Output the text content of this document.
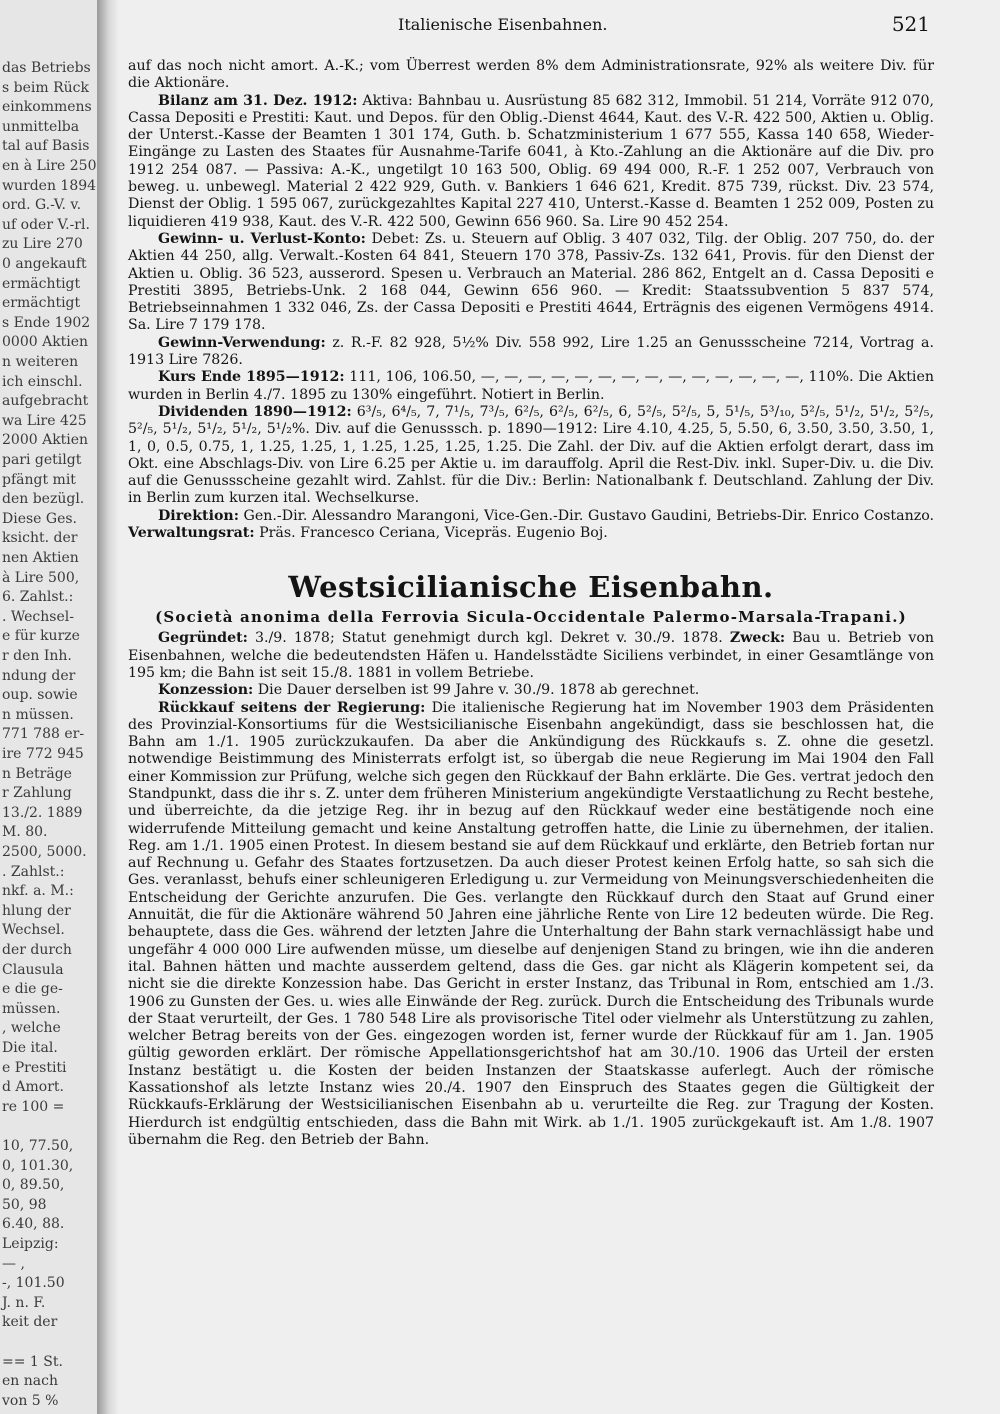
das Betriebs
s beim Rück
einkommens
unmittelba
tal auf Basis
en à Lire 250
wurden 1894
ord. G.-V. v.
uf oder V.-rl.
zu Lire 270
0 angekauft
ermächtigt
ermächtigt
s Ende 1902
0000 Aktien
n weiteren
ich einschl.
aufgebracht
wa Lire 425
2000 Aktien
pari getilgt
pfängt mit
den bezügl.
Diese Ges.
ksicht. der
nen Aktien
à Lire 500,
6. Zahlst.:
. Wechsel-
e für kurze
r den Inh.
ndung der
oup. sowie
n müssen.
771 788 er-
ire 772 945
n Beträge
r Zahlung
13./2. 1889
M. 80.
2500, 5000.
. Zahlst.:
nkf. a. M.:
hlung der
Wechsel.
der durch
Clausula
e die ge-
müssen.
, welche
Die ital.
e Prestiti
d Amort.
re 100 =
10, 77.50,
0, 101.30,
0, 89.50,
50, 98
6.40, 88.
Leipzig:
— ,
-, 101.50
J. n. F.
keit der
== 1 St.
en nach
von 5 %
Italienische Eisenbahnen.	521

auf das noch nicht amort. A.-K.; vom Überrest werden 8% dem Administrationsrate, 92% als weitere Div. für die Aktionäre.

Bilanz am 31. Dez. 1912: Aktiva: Bahnbau u. Ausrüstung 85 682 312, Immobil. 51 214, Vorräte 912 070, Cassa Depositi e Prestiti: Kaut. und Depos. für den Oblig.-Dienst 4644, Kaut. des V.-R. 422 500, Aktien u. Oblig. der Unterst.-Kasse der Beamten 1 301 174, Guth. b. Schatzministerium 1 677 555, Kassa 140 658, Wieder-Eingänge zu Lasten des Staates für Ausnahme-Tarife 6041, à Kto.-Zahlung an die Aktionäre auf die Div. pro 1912 254 087. — Passiva: A.-K., ungetilgt 10 163 500, Oblig. 69 494 000, R.-F. 1 252 007, Verbrauch von beweg. u. unbewegl. Material 2 422 929, Guth. v. Bankiers 1 646 621, Kredit. 875 739, rückst. Div. 23 574, Dienst der Oblig. 1 595 067, zurückgezahltes Kapital 227 410, Unterst.-Kasse d. Beamten 1 252 009, Posten zu liquidieren 419 938, Kaut. des V.-R. 422 500, Gewinn 656 960. Sa. Lire 90 452 254.

Gewinn- u. Verlust-Konto: Debet: Zs. u. Steuern auf Oblig. 3 407 032, Tilg. der Oblig. 207 750, do. der Aktien 44 250, allg. Verwalt.-Kosten 64 841, Steuern 170 378, Passiv-Zs. 132 641, Provis. für den Dienst der Aktien u. Oblig. 36 523, ausserord. Spesen u. Verbrauch an Material. 286 862, Entgelt an d. Cassa Depositi e Prestiti 3895, Betriebs-Unk. 2 168 044, Gewinn 656 960. — Kredit: Staatssubvention 5 837 574, Betriebseinnahmen 1 332 046, Zs. der Cassa Depositi e Prestiti 4644, Erträgnis des eigenen Vermögens 4914. Sa. Lire 7 179 178.

Gewinn-Verwendung: z. R.-F. 82 928, 5½% Div. 558 992, Lire 1.25 an Genussscheine 7214, Vortrag a. 1913 Lire 7826.

Kurs Ende 1895—1912: 111, 106, 106.50, —, —, —, —, —, —, —, —, —, —, —, —, —, —, 110%. Die Aktien wurden in Berlin 4./7. 1895 zu 130% eingeführt. Notiert in Berlin.

Dividenden 1890—1912: 6³/₅, 6⁴/₅, 7, 7¹/₅, 7³/₅, 6²/₅, 6²/₅, 6²/₅, 6, 5²/₅, 5²/₅, 5, 5¹/₅, 5³/₁₀, 5²/₅, 5¹/₂, 5¹/₂, 5²/₅, 5²/₅, 5¹/₂, 5¹/₂, 5¹/₂, 5¹/₂%. Div. auf die Genusssch. p. 1890—1912: Lire 4.10, 4.25, 5, 5.50, 6, 3.50, 3.50, 3.50, 1, 1, 0, 0.5, 0.75, 1, 1.25, 1.25, 1, 1.25, 1.25, 1.25, 1.25. Die Zahl. der Div. auf die Aktien erfolgt derart, dass im Okt. eine Abschlags-Div. von Lire 6.25 per Aktie u. im darauffolg. April die Rest-Div. inkl. Super-Div. u. die Div. auf die Genussscheine gezahlt wird. Zahlst. für die Div.: Berlin: Nationalbank f. Deutschland. Zahlung der Div. in Berlin zum kurzen ital. Wechselkurse.

Direktion: Gen.-Dir. Alessandro Marangoni, Vice-Gen.-Dir. Gustavo Gaudini, Betriebs-Dir. Enrico Costanzo. Verwaltungsrat: Präs. Francesco Ceriana, Vicepräs. Eugenio Boj.

Westsicilianische Eisenbahn.

(Società anonima della Ferrovia Sicula-Occidentale Palermo-Marsala-Trapani.)

Gegründet: 3./9. 1878; Statut genehmigt durch kgl. Dekret v. 30./9. 1878. Zweck: Bau u. Betrieb von Eisenbahnen, welche die bedeutendsten Häfen u. Handelsstädte Siciliens verbindet, in einer Gesamtlänge von 195 km; die Bahn ist seit 15./8. 1881 in vollem Betriebe.

Konzession: Die Dauer derselben ist 99 Jahre v. 30./9. 1878 ab gerechnet.

Rückkauf seitens der Regierung: Die italienische Regierung hat im November 1903 dem Präsidenten des Provinzial-Konsortiums für die Westsicilianische Eisenbahn angekündigt, dass sie beschlossen hat, die Bahn am 1./1. 1905 zurückzukaufen. Da aber die Ankündigung des Rückkaufs s. Z. ohne die gesetzl. notwendige Beistimmung des Ministerrats erfolgt ist, so übergab die neue Regierung im Mai 1904 den Fall einer Kommission zur Prüfung, welche sich gegen den Rückkauf der Bahn erklärte. Die Ges. vertrat jedoch den Standpunkt, dass die ihr s. Z. unter dem früheren Ministerium angekündigte Verstaatlichung zu Recht bestehe, und überreichte, da die jetzige Reg. ihr in bezug auf den Rückkauf weder eine bestätigende noch eine widerrufende Mitteilung gemacht und keine Anstaltung getroffen hatte, die Linie zu übernehmen, der italien. Reg. am 1./1. 1905 einen Protest. In diesem bestand sie auf dem Rückkauf und erklärte, den Betrieb fortan nur auf Rechnung u. Gefahr des Staates fortzusetzen. Da auch dieser Protest keinen Erfolg hatte, so sah sich die Ges. veranlasst, behufs einer schleunigeren Erledigung u. zur Vermeidung von Meinungsverschiedenheiten die Entscheidung der Gerichte anzurufen. Die Ges. verlangte den Rückkauf durch den Staat auf Grund einer Annuität, die für die Aktionäre während 50 Jahren eine jährliche Rente von Lire 12 bedeuten würde. Die Reg. behauptete, dass die Ges. während der letzten Jahre die Unterhaltung der Bahn stark vernachlässigt habe und ungefähr 4 000 000 Lire aufwenden müsse, um dieselbe auf denjenigen Stand zu bringen, wie ihn die anderen ital. Bahnen hätten und machte ausserdem geltend, dass die Ges. gar nicht als Klägerin kompetent sei, da nicht sie die direkte Konzession habe. Das Gericht in erster Instanz, das Tribunal in Rom, entschied am 1./3. 1906 zu Gunsten der Ges. u. wies alle Einwände der Reg. zurück. Durch die Entscheidung des Tribunals wurde der Staat verurteilt, der Ges. 1 780 548 Lire als provisorische Titel oder vielmehr als Unterstützung zu zahlen, welcher Betrag bereits von der Ges. eingezogen worden ist, ferner wurde der Rückkauf für am 1. Jan. 1905 gültig geworden erklärt. Der römische Appellationsgerichtshof hat am 30./10. 1906 das Urteil der ersten Instanz bestätigt u. die Kosten der beiden Instanzen der Staatskasse auferlegt. Auch der römische Kassationshof als letzte Instanz wies 20./4. 1907 den Einspruch des Staates gegen die Gültigkeit der Rückkaufs-Erklärung der Westsicilianischen Eisenbahn ab u. verurteilte die Reg. zur Tragung der Kosten. Hierdurch ist endgültig entschieden, dass die Bahn mit Wirk. ab 1./1. 1905 zurückgekauft ist. Am 1./8. 1907 übernahm die Reg. den Betrieb der Bahn.
